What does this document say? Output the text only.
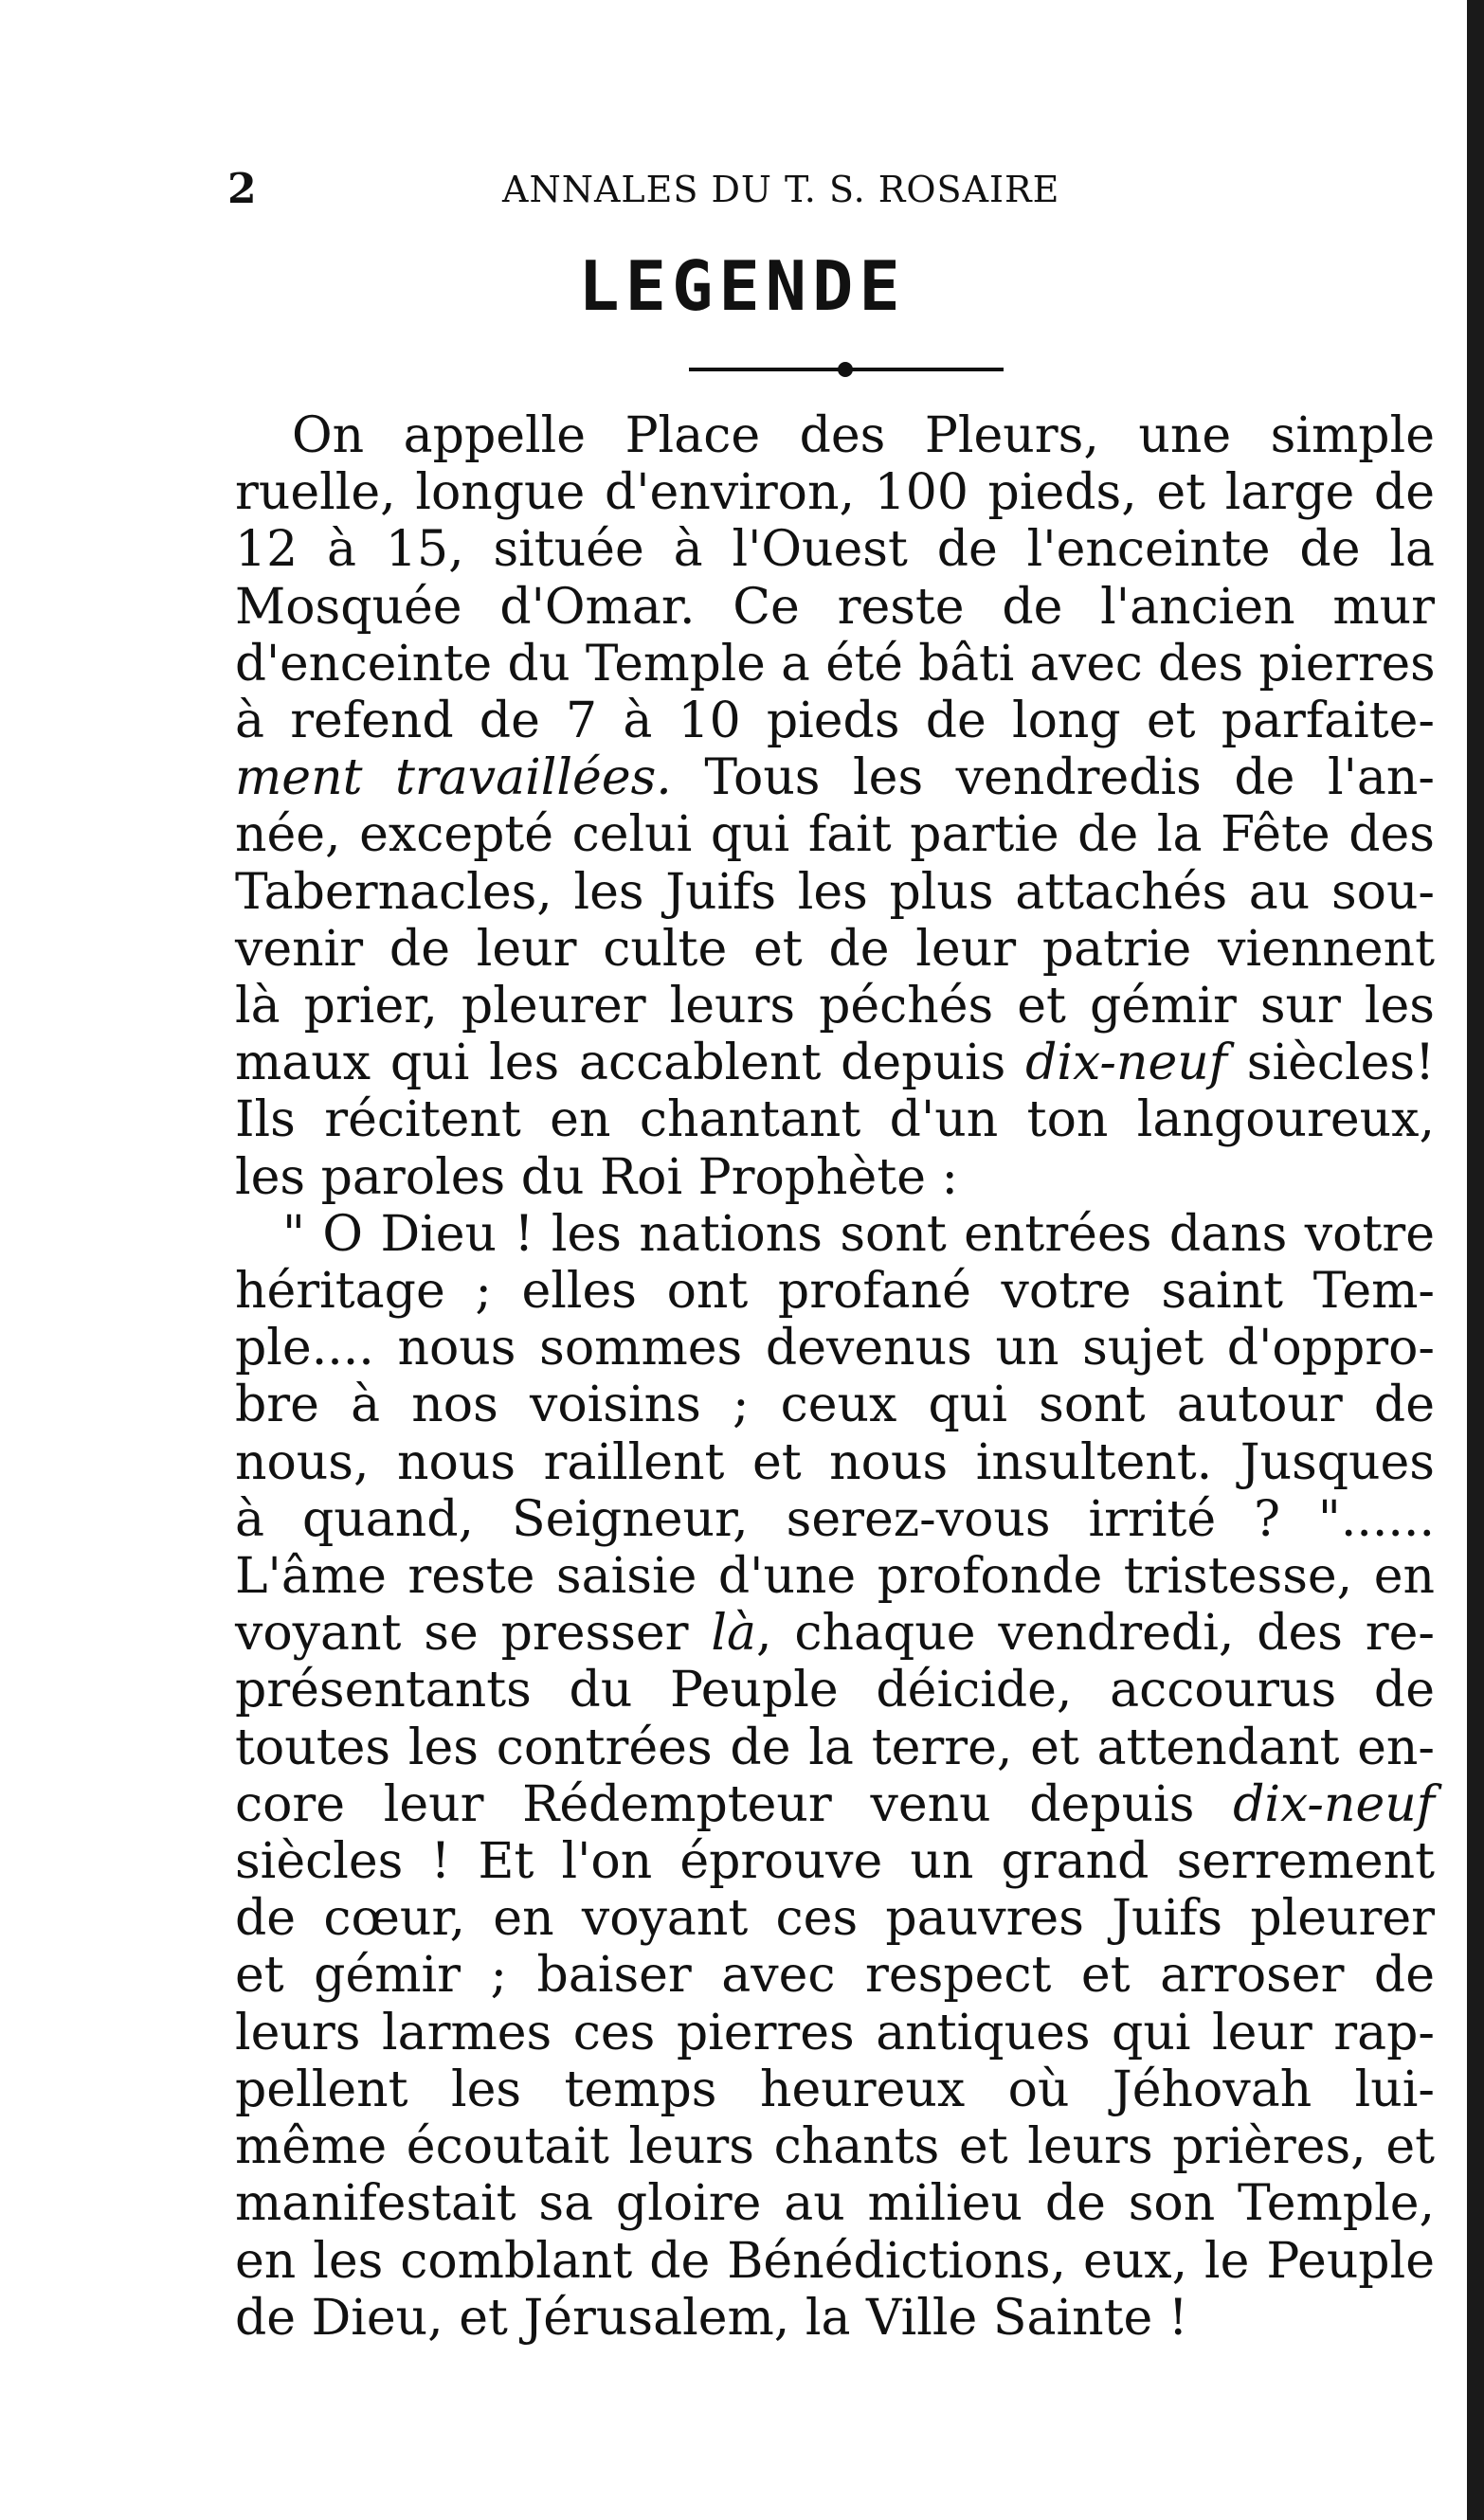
2	ANNALES DU T. S. ROSAIRE
LEGENDE
On appelle Place des Pleurs, une simple
ruelle, longue d'environ, 100 pieds, et large de
12 à 15, située à l'Ouest de l'enceinte de la
Mosquée d'Omar. Ce reste de l'ancien mur
d'enceinte du Temple a été bâti avec des pierres
à refend de 7 à 10 pieds de long et parfaite-
ment travaillées. Tous les vendredis de l'an-
née, excepté celui qui fait partie de la Fête des
Tabernacles, les Juifs les plus attachés au sou-
venir de leur culte et de leur patrie viennent
là prier, pleurer leurs péchés et gémir sur les
maux qui les accablent depuis dix-neuf siècles!
Ils récitent en chantant d'un ton langoureux,
les paroles du Roi Prophète :
" O Dieu ! les nations sont entrées dans votre
héritage ; elles ont profané votre saint Tem-
ple.... nous sommes devenus un sujet d'oppro-
bre à nos voisins ; ceux qui sont autour de
nous, nous raillent et nous insultent. Jusques
à quand, Seigneur, serez-vous irrité ? "......
L'âme reste saisie d'une profonde tristesse, en
voyant se presser là, chaque vendredi, des re-
présentants du Peuple déicide, accourus de
toutes les contrées de la terre, et attendant en-
core leur Rédempteur venu depuis dix-neuf
siècles ! Et l'on éprouve un grand serrement
de cœur, en voyant ces pauvres Juifs pleurer
et gémir ; baiser avec respect et arroser de
leurs larmes ces pierres antiques qui leur rap-
pellent les temps heureux où Jéhovah lui-
même écoutait leurs chants et leurs prières, et
manifestait sa gloire au milieu de son Temple,
en les comblant de Bénédictions, eux, le Peuple
de Dieu, et Jérusalem, la Ville Sainte !
